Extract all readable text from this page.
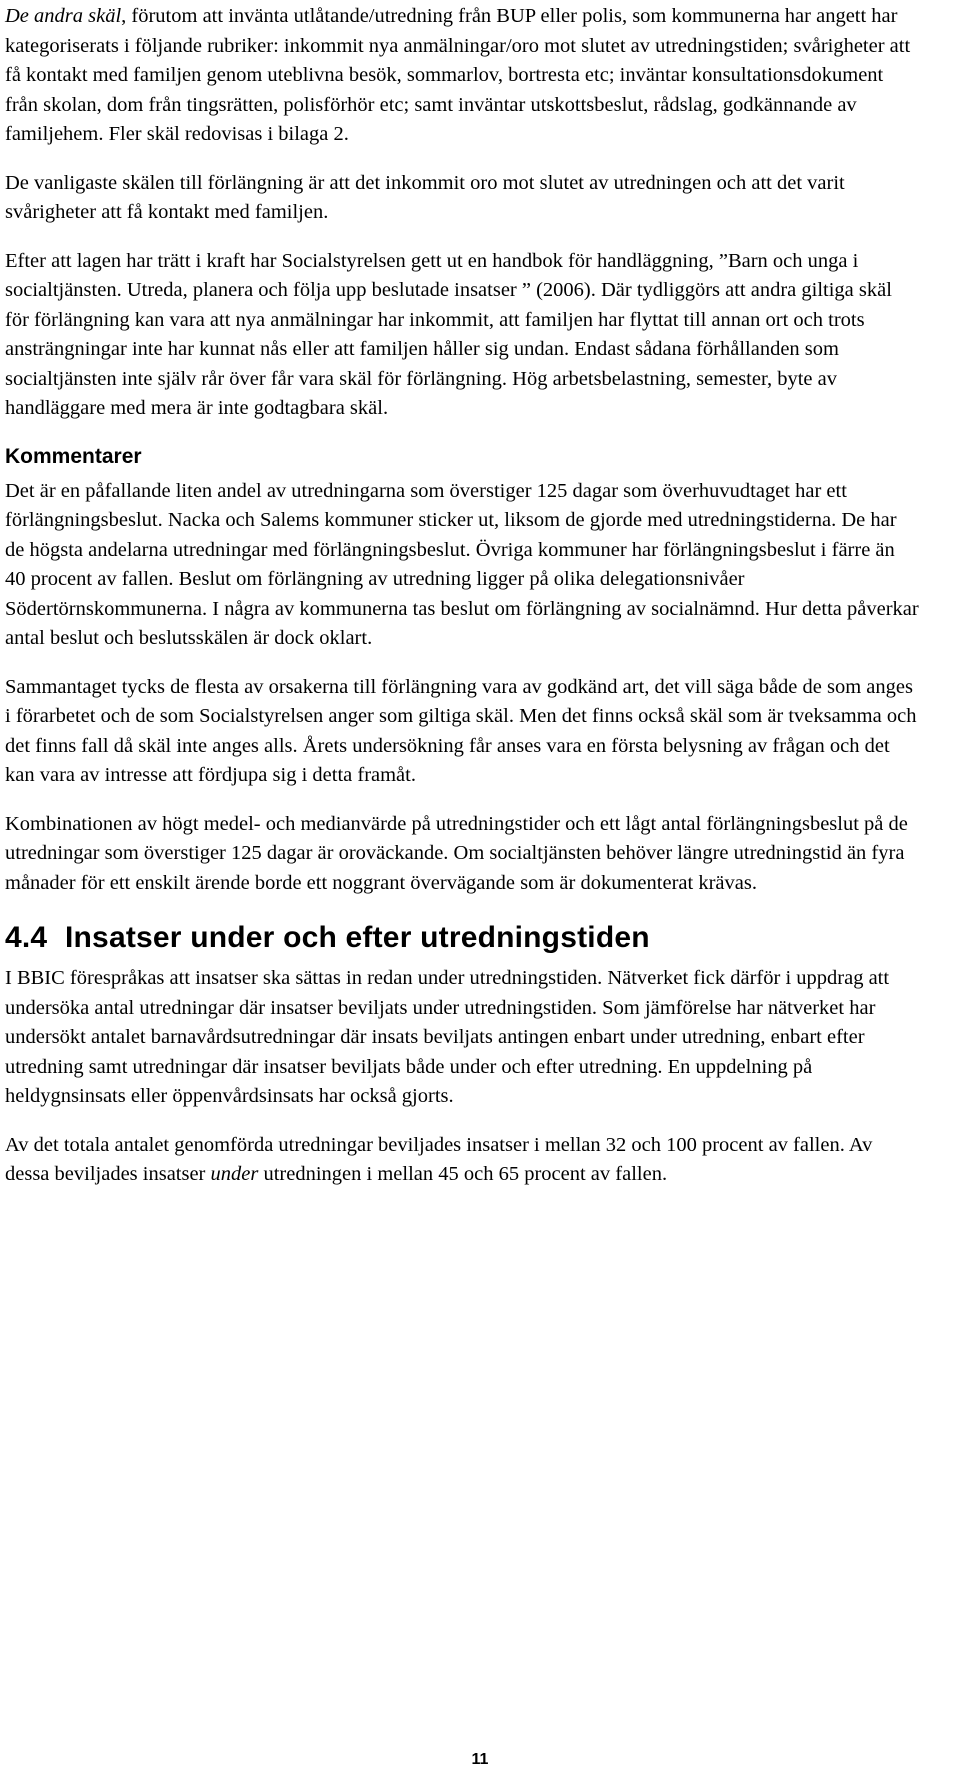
De andra skäl, förutom att invänta utlåtande/utredning från BUP eller polis, som kommunerna har angett har kategoriserats i följande rubriker: inkommit nya anmälningar/oro mot slutet av utredningstiden; svårigheter att få kontakt med familjen genom uteblivna besök, sommarlov, bortresta etc; inväntar konsultationsdokument från skolan, dom från tingsrätten, polisförhör etc; samt inväntar utskottsbeslut, rådslag, godkännande av familjehem. Fler skäl redovisas i bilaga 2.

De vanligaste skälen till förlängning är att det inkommit oro mot slutet av utredningen och att det varit svårigheter att få kontakt med familjen.

Efter att lagen har trätt i kraft har Socialstyrelsen gett ut en handbok för handläggning, ”Barn och unga i socialtjänsten. Utreda, planera och följa upp beslutade insatser ” (2006). Där tydliggörs att andra giltiga skäl för förlängning kan vara att nya anmälningar har inkommit, att familjen har flyttat till annan ort och trots ansträngningar inte har kunnat nås eller att familjen håller sig undan. Endast sådana förhållanden som socialtjänsten inte själv rår över får vara skäl för förlängning. Hög arbetsbelastning, semester, byte av handläggare med mera är inte godtagbara skäl.

Kommentarer

Det är en påfallande liten andel av utredningarna som överstiger 125 dagar som överhuvudtaget har ett förlängningsbeslut. Nacka och Salems kommuner sticker ut, liksom de gjorde med utredningstiderna. De har de högsta andelarna utredningar med förlängningsbeslut. Övriga kommuner har förlängningsbeslut i färre än 40 procent av fallen. Beslut om förlängning av utredning ligger på olika delegationsnivåer Södertörnskommunerna. I några av kommunerna tas beslut om förlängning av socialnämnd. Hur detta påverkar antal beslut och beslutsskälen är dock oklart.

Sammantaget tycks de flesta av orsakerna till förlängning vara av godkänd art, det vill säga både de som anges i förarbetet och de som Socialstyrelsen anger som giltiga skäl. Men det finns också skäl som är tveksamma och det finns fall då skäl inte anges alls. Årets undersökning får anses vara en första belysning av frågan och det kan vara av intresse att fördjupa sig i detta framåt.

Kombinationen av högt medel- och medianvärde på utredningstider och ett lågt antal förlängningsbeslut på de utredningar som överstiger 125 dagar är oroväckande. Om socialtjänsten behöver längre utredningstid än fyra månader för ett enskilt ärende borde ett noggrant övervägande som är dokumenterat krävas.

4.4 Insatser under och efter utredningstiden

I BBIC förespråkas att insatser ska sättas in redan under utredningstiden. Nätverket fick därför i uppdrag att undersöka antal utredningar där insatser beviljats under utredningstiden. Som jämförelse har nätverket har undersökt antalet barnavårdsutredningar där insats beviljats antingen enbart under utredning, enbart efter utredning samt utredningar där insatser beviljats både under och efter utredning. En uppdelning på heldygnsinsats eller öppenvårdsinsats har också gjorts.

Av det totala antalet genomförda utredningar beviljades insatser i mellan 32 och 100 procent av fallen. Av dessa beviljades insatser under utredningen i mellan 45 och 65 procent av fallen.

11
